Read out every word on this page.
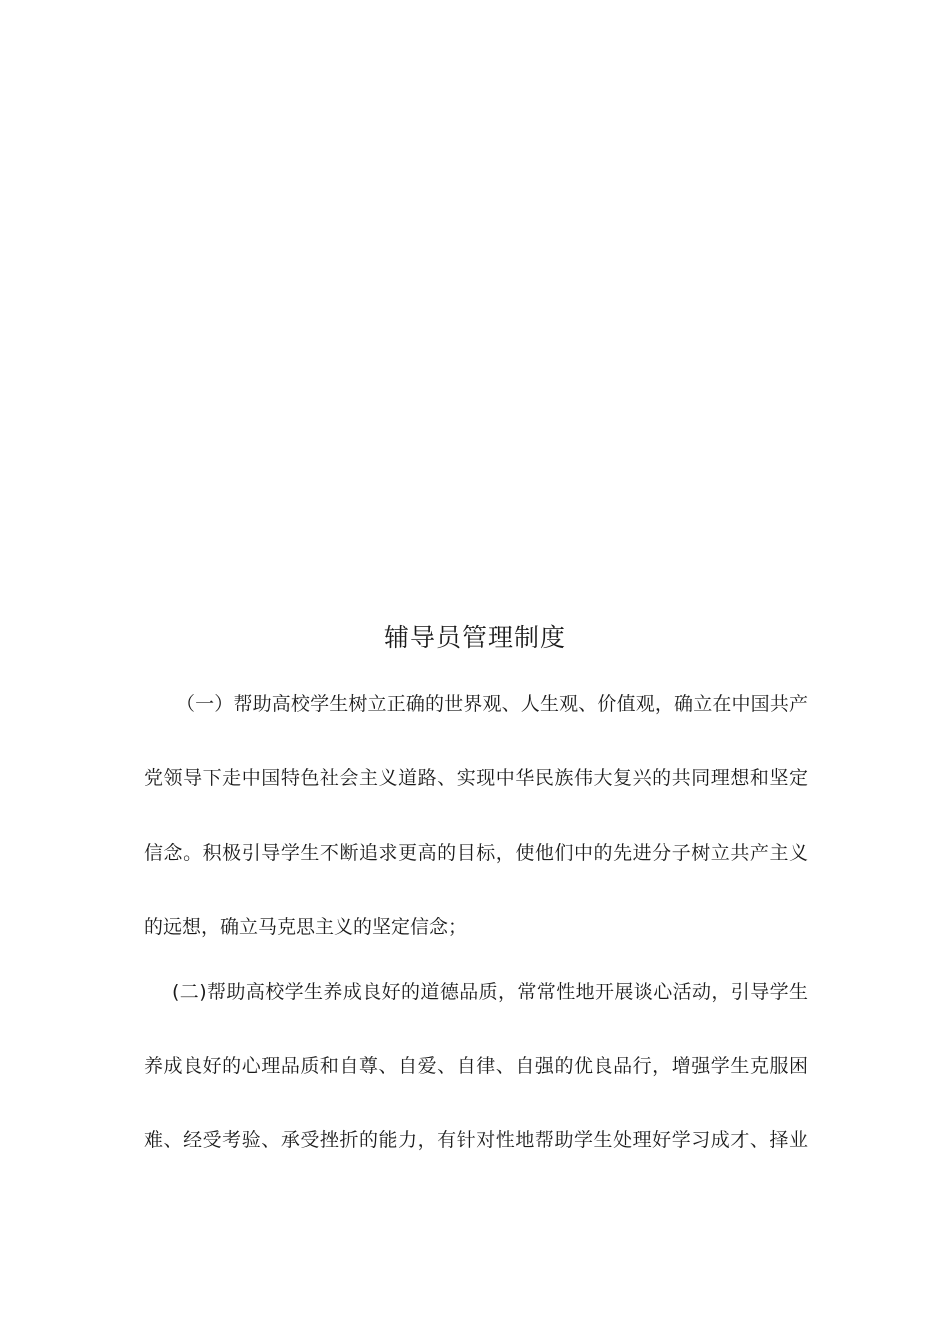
辅导员管理制度
（一）帮助高校学生树立正确的世界观、人生观、价值观，确立在中国共产
党领导下走中国特色社会主义道路、实现中华民族伟大复兴的共同理想和坚定
信念。积极引导学生不断追求更高的目标，使他们中的先进分子树立共产主义
的远想，确立马克思主义的坚定信念；
(二)帮助高校学生养成良好的道德品质，常常性地开展谈心活动，引导学生
养成良好的心理品质和自尊、自爱、自律、自强的优良品行，增强学生克服困
难、经受考验、承受挫折的能力，有针对性地帮助学生处理好学习成才、择业
